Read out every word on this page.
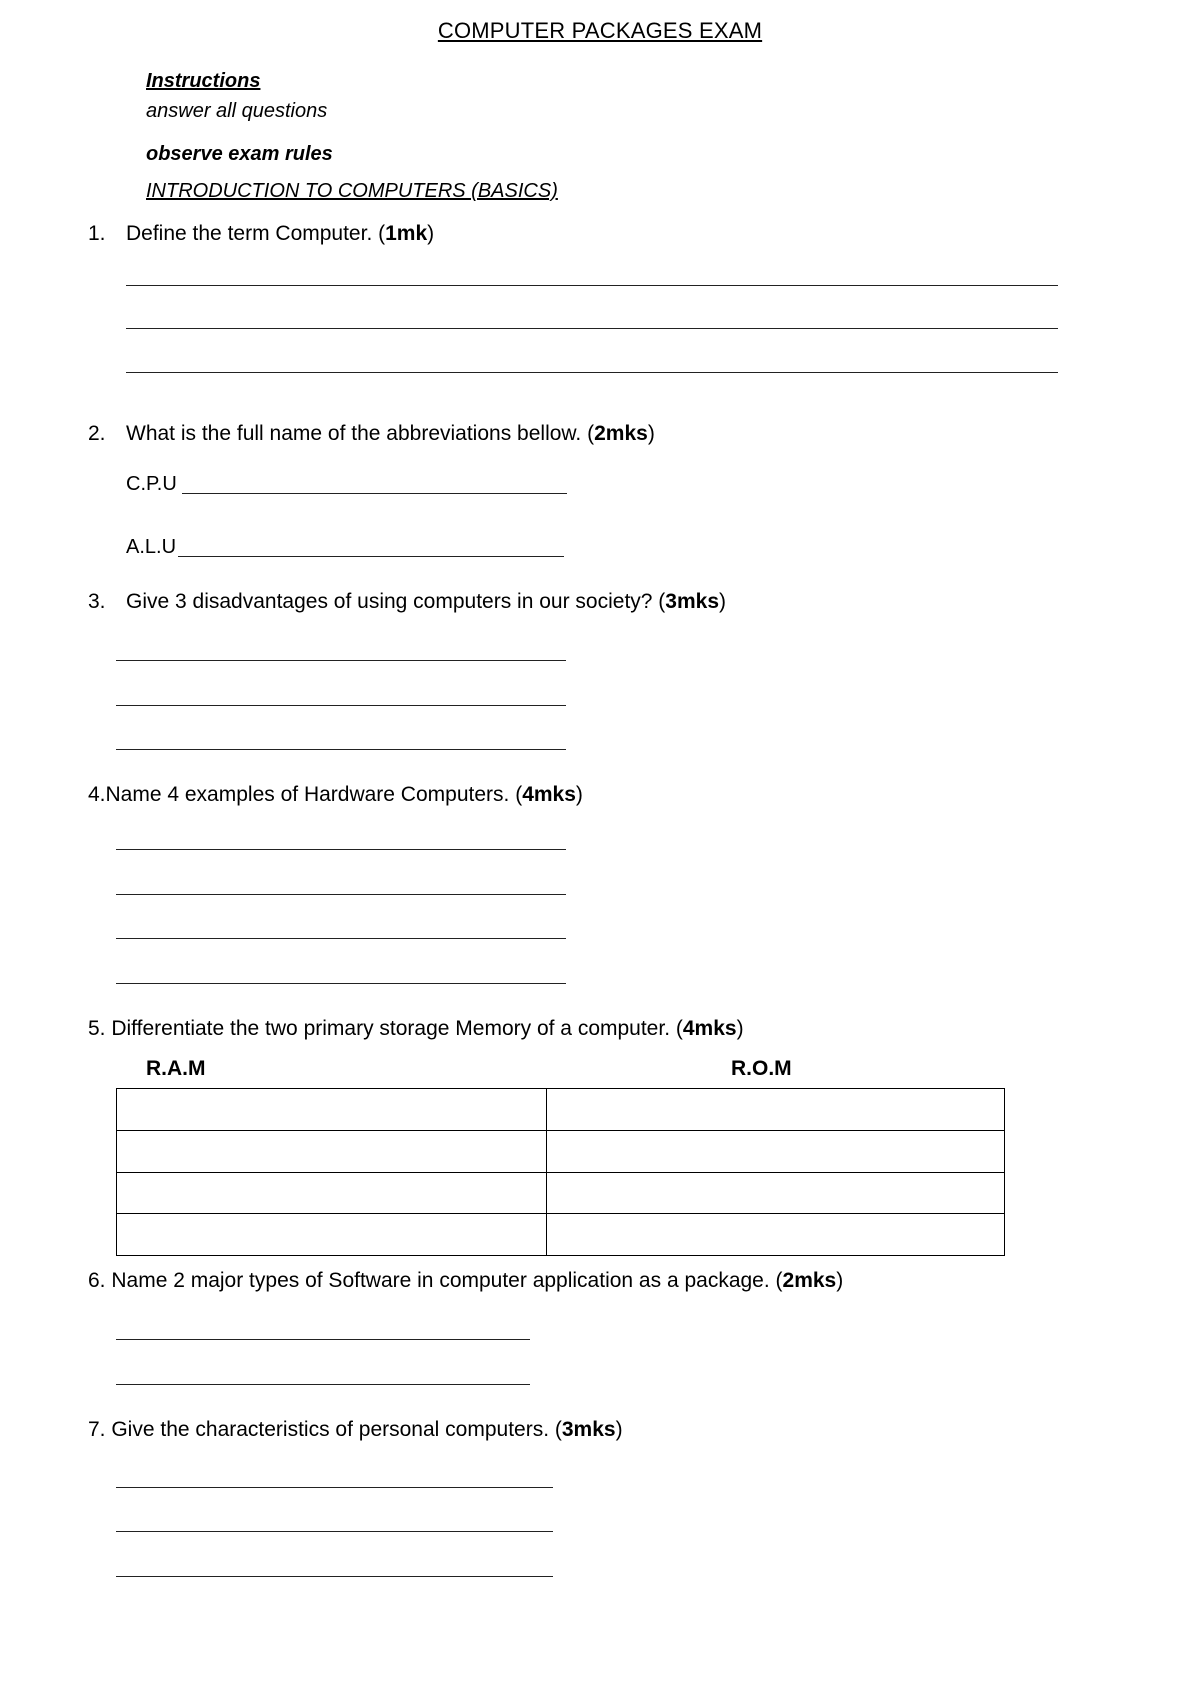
COMPUTER PACKAGES EXAM
Instructions
answer all questions
observe exam rules
INTRODUCTION TO COMPUTERS (BASICS)
1. Define the term Computer. (1mk)
2. What is the full name of the abbreviations bellow. (2mks)
C.P.U
A.L.U
3. Give 3 disadvantages of using computers in our society? (3mks)
4.Name 4 examples of Hardware Computers. (4mks)
5. Differentiate the two primary storage Memory of a computer. (4mks)
R.A.M	R.O.M

6. Name 2 major types of Software in computer application as a package. (2mks)
7. Give the characteristics of personal computers. (3mks)
